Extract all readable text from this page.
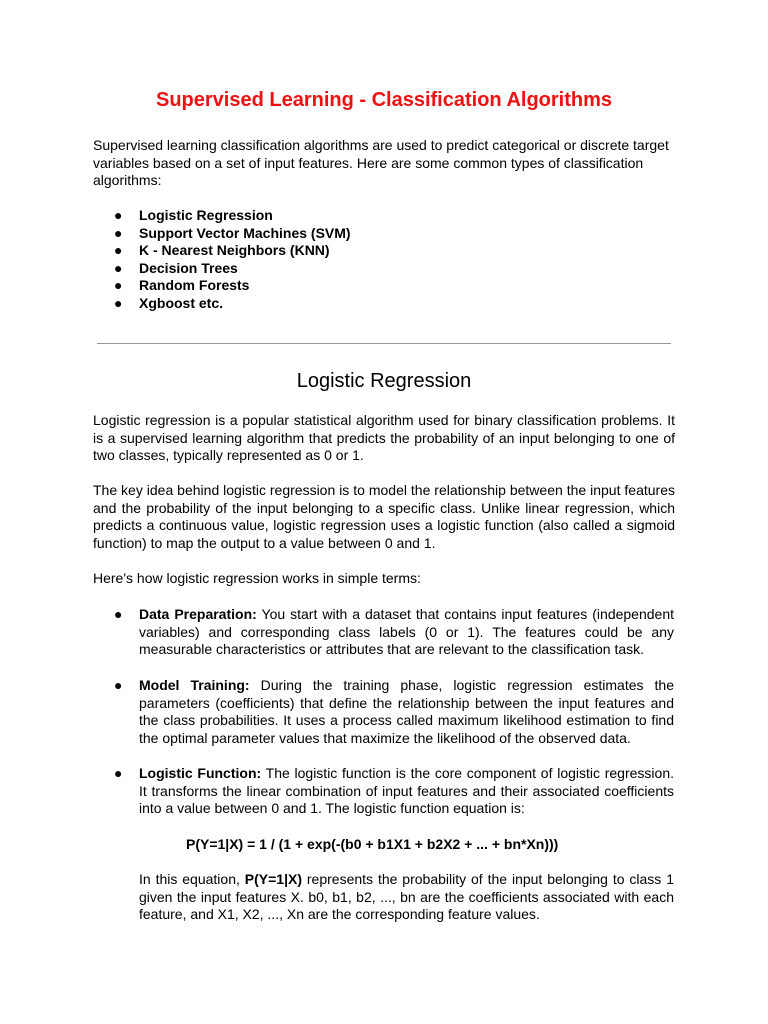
Supervised Learning - Classification Algorithms

Supervised learning classification algorithms are used to predict categorical or discrete target variables based on a set of input features. Here are some common types of classification algorithms:

● Logistic Regression
● Support Vector Machines (SVM)
● K - Nearest Neighbors (KNN)
● Decision Trees
● Random Forests
● Xgboost etc.
Logistic Regression

Logistic regression is a popular statistical algorithm used for binary classification problems. It is a supervised learning algorithm that predicts the probability of an input belonging to one of two classes, typically represented as 0 or 1.

The key idea behind logistic regression is to model the relationship between the input features and the probability of the input belonging to a specific class. Unlike linear regression, which predicts a continuous value, logistic regression uses a logistic function (also called a sigmoid function) to map the output to a value between 0 and 1.

Here's how logistic regression works in simple terms:

● Data Preparation: You start with a dataset that contains input features (independent variables) and corresponding class labels (0 or 1). The features could be any measurable characteristics or attributes that are relevant to the classification task.

● Model Training: During the training phase, logistic regression estimates the parameters (coefficients) that define the relationship between the input features and the class probabilities. It uses a process called maximum likelihood estimation to find the optimal parameter values that maximize the likelihood of the observed data.

● Logistic Function: The logistic function is the core component of logistic regression. It transforms the linear combination of input features and their associated coefficients into a value between 0 and 1. The logistic function equation is:

P(Y=1|X) = 1 / (1 + exp(-(b0 + b1X1 + b2X2 + ... + bn*Xn)))

In this equation, P(Y=1|X) represents the probability of the input belonging to class 1 given the input features X. b0, b1, b2, ..., bn are the coefficients associated with each feature, and X1, X2, ..., Xn are the corresponding feature values.
